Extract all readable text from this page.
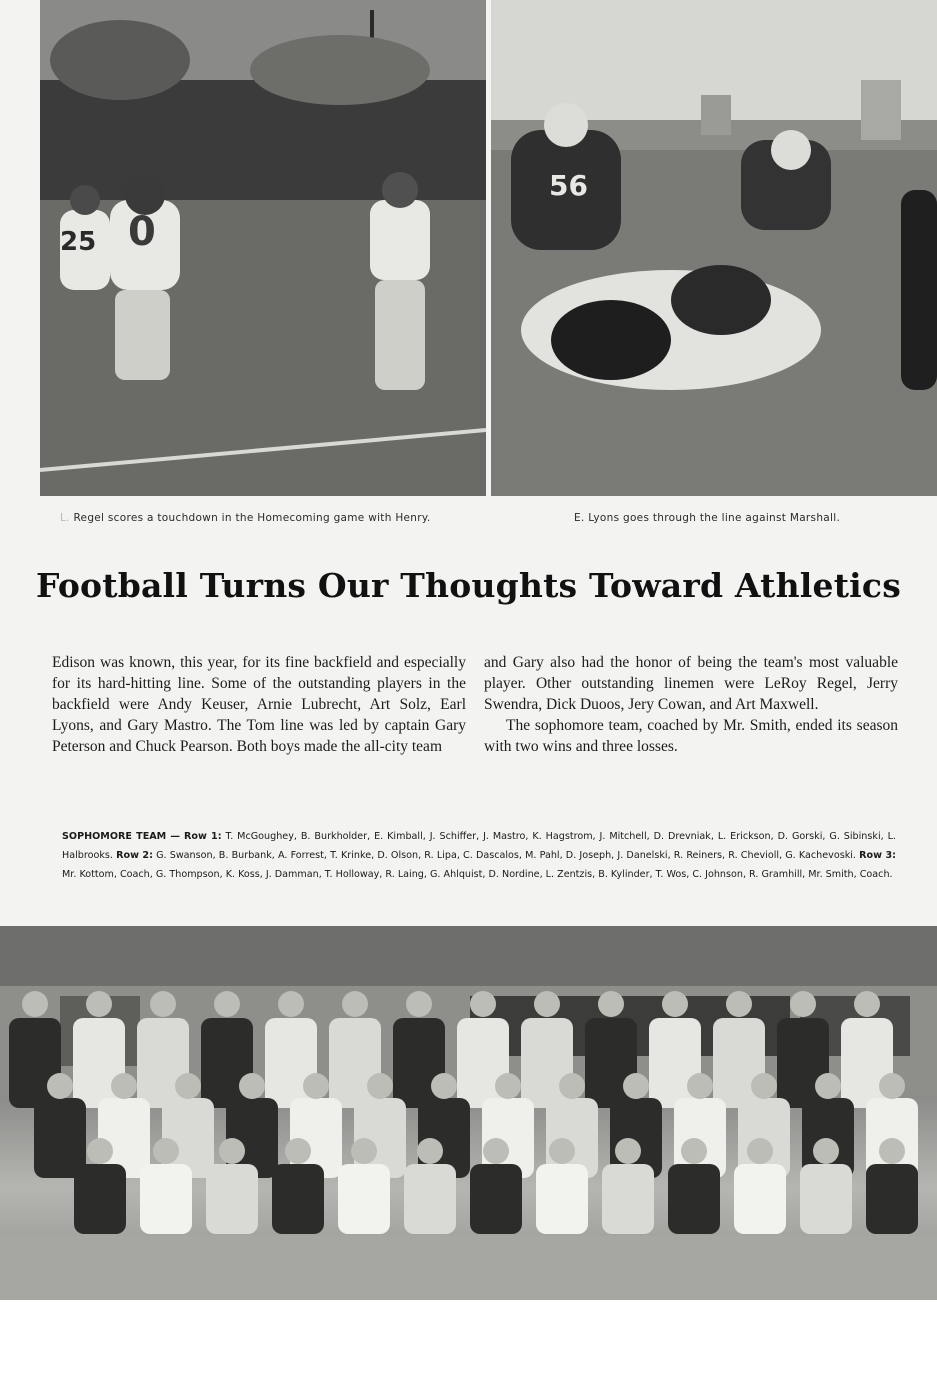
25 0
56
L. Regel scores a touchdown in the Homecoming game with Henry.	E. Lyons goes through the line against Marshall.
Football Turns Our Thoughts Toward Athletics

Edison was known, this year, for its fine backfield and especially for its hard-hitting line. Some of the outstanding players in the backfield were Andy Keuser, Arnie Lubrecht, Art Solz, Earl Lyons, and Gary Mastro. The Tom line was led by captain Gary Peterson and Chuck Pearson. Both boys made the all-city team

and Gary also had the honor of being the team's most valuable player. Other outstanding linemen were LeRoy Regel, Jerry Swendra, Dick Duoos, Jery Cowan, and Art Maxwell.

The sophomore team, coached by Mr. Smith, ended its season with two wins and three losses.

SOPHOMORE TEAM — Row 1: T. McGoughey, B. Burkholder, E. Kimball, J. Schiffer, J. Mastro, K. Hagstrom, J. Mitchell, D. Drevniak, L. Erickson, D. Gorski, G. Sibinski, L. Halbrooks. Row 2: G. Swanson, B. Burbank, A. Forrest, T. Krinke, D. Olson, R. Lipa, C. Dascalos, M. Pahl, D. Joseph, J. Danelski, R. Reiners, R. Chevioll, G. Kachevoski. Row 3: Mr. Kottom, Coach, G. Thompson, K. Koss, J. Damman, T. Holloway, R. Laing, G. Ahlquist, D. Nordine, L. Zentzis, B. Kylinder, T. Wos, C. Johnson, R. Gramhill, Mr. Smith, Coach.
